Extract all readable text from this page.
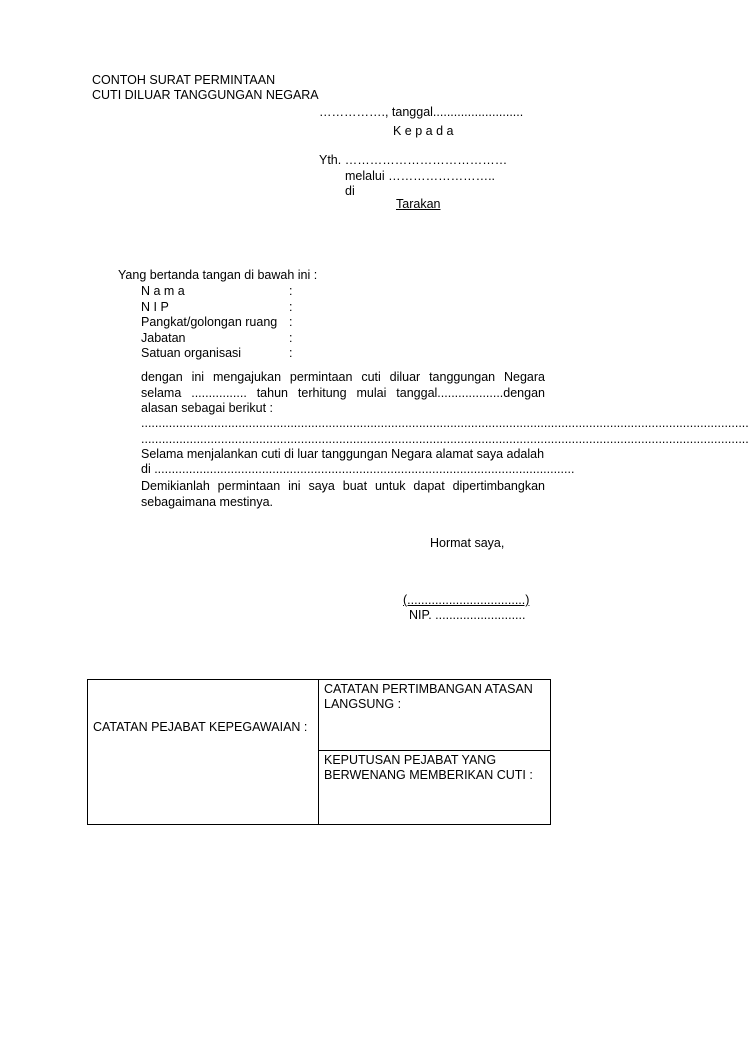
CONTOH SURAT PERMINTAAN
CUTI DILUAR TANGGUNGAN NEGARA
……………., tanggal..........................
K e p a d a
Yth. …………………………………
melalui ……………………..
di
Tarakan
Yang bertanda tangan di bawah ini :
N a m a	:
N I P	:
Pangkat/golongan ruang :
Jabatan	:
Satuan organisasi	:
dengan ini mengajukan permintaan cuti diluar tanggungan Negara selama ................ tahun terhitung mulai tanggal...................dengan alasan sebagai berikut :
...............................................................................................................................................................................
...............................................................................................................................................................................
Selama menjalankan cuti di luar tanggungan Negara alamat saya adalah
di .........................................................................................................................
Demikianlah permintaan ini saya buat untuk dapat dipertimbangkan sebagaimana mestinya.
Hormat saya,
(..................................)
NIP. ..........................
CATATAN PEJABAT KEPEGAWAIAN :

CATATAN PERTIMBANGAN ATASAN LANGSUNG :

KEPUTUSAN PEJABAT YANG BERWENANG MEMBERIKAN CUTI :
